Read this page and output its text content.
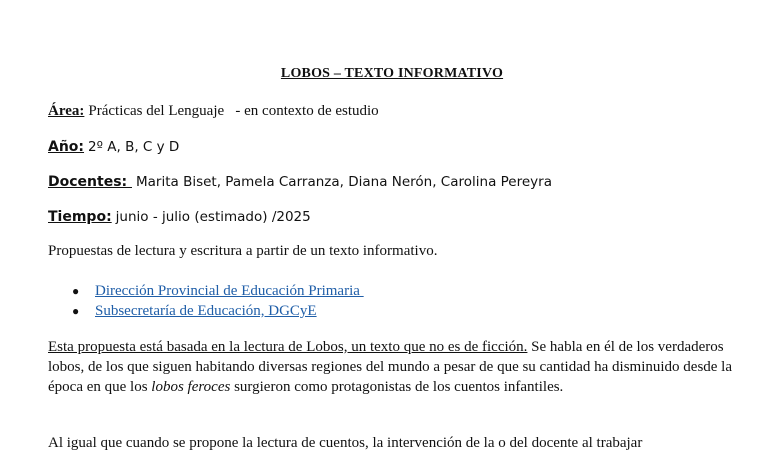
LOBOS – TEXTO INFORMATIVO
Área: Prácticas del Lenguaje   - en contexto de estudio
Año: 2º A, B, C y D
Docentes:  Marita Biset, Pamela Carranza, Diana Nerón, Carolina Pereyra
Tiempo: junio - julio (estimado) /2025
Propuestas de lectura y escritura a partir de un texto informativo.
● Dirección Provincial de Educación Primaria
● Subsecretaría de Educación, DGCyE
Esta propuesta está basada en la lectura de Lobos, un texto que no es de ficción. Se habla en él de los verdaderos lobos, de los que siguen habitando diversas regiones del mundo a pesar de que su cantidad ha disminuido desde la época en que los lobos feroces surgieron como protagonistas de los cuentos infantiles.
Al igual que cuando se propone la lectura de cuentos, la intervención de la o del docente al trabajar
